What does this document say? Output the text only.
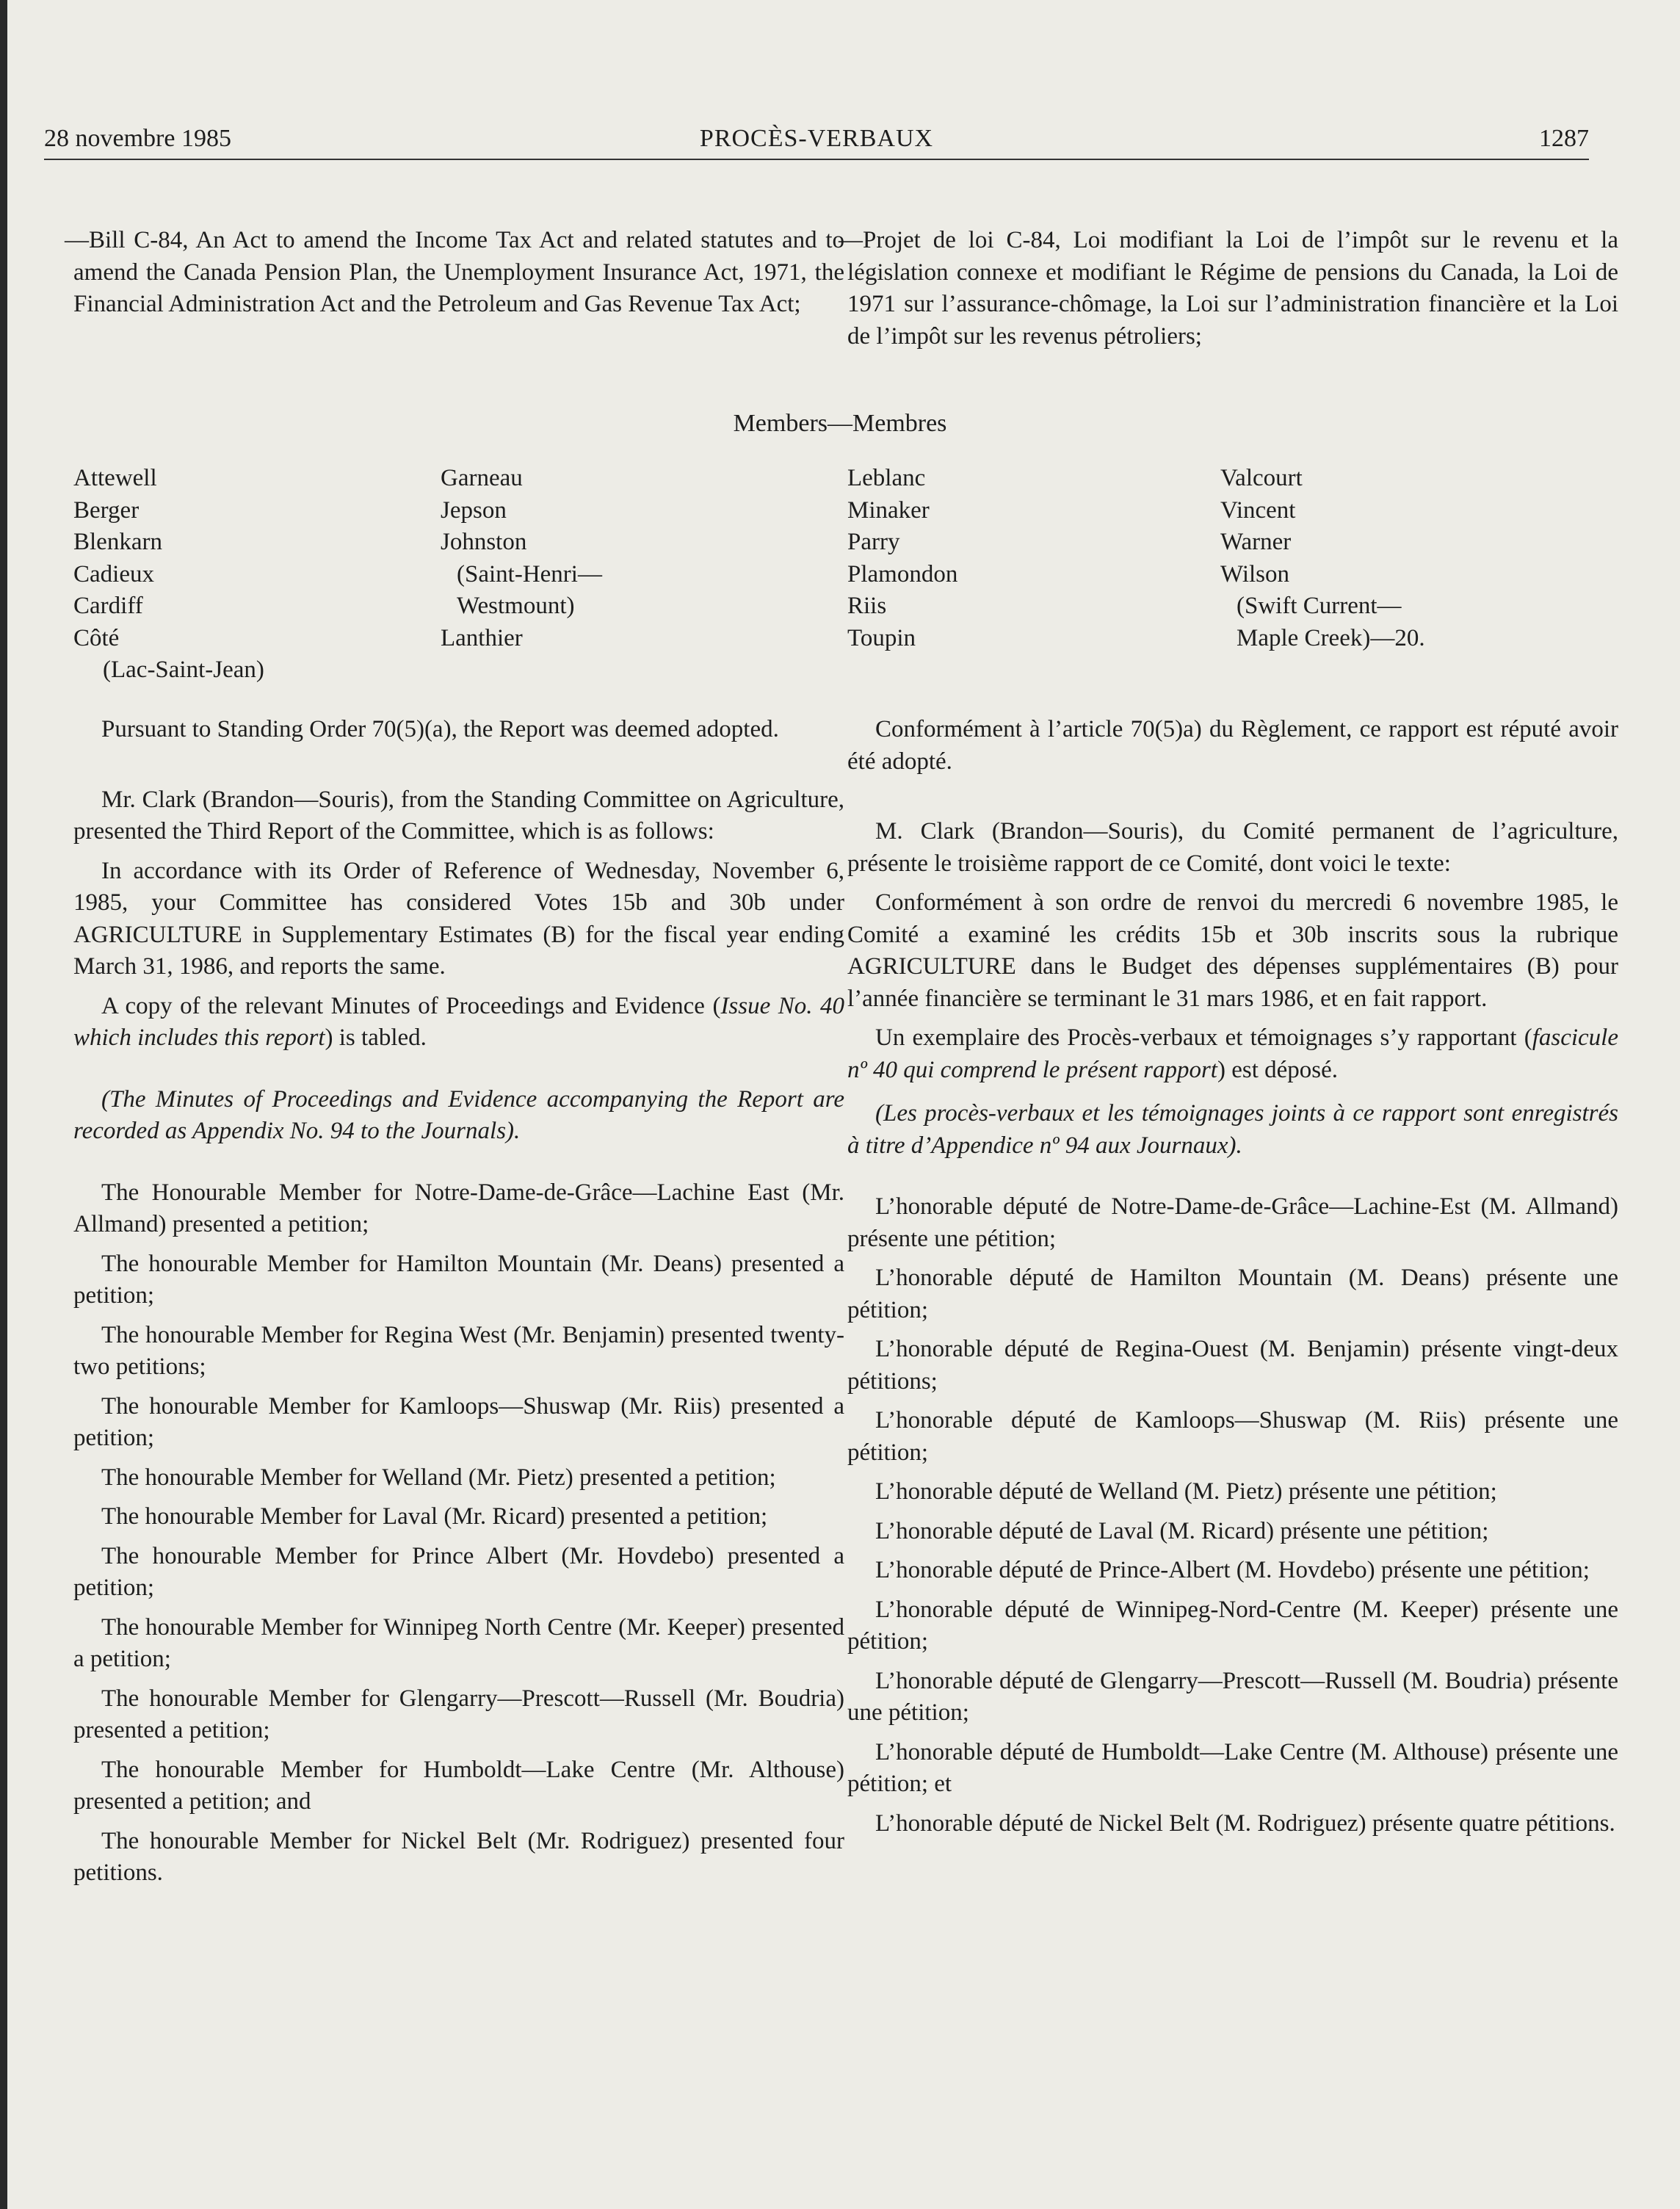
28 novembre 1985	PROCÈS-VERBAUX	1287

—Bill C-84, An Act to amend the Income Tax Act and related statutes and to amend the Canada Pension Plan, the Unemployment Insurance Act, 1971, the Financial Administration Act and the Petroleum and Gas Revenue Tax Act;

—Projet de loi C-84, Loi modifiant la Loi de l’impôt sur le revenu et la législation connexe et modifiant le Régime de pensions du Canada, la Loi de 1971 sur l’assurance-chômage, la Loi sur l’administration financière et la Loi de l’impôt sur les revenus pétroliers;

Members—Membres
Attewell
Berger
Blenkarn
Cadieux
Cardiff
Côté
(Lac-Saint-Jean)
Garneau
Jepson
Johnston
(Saint-Henri—
Westmount)
Lanthier
Leblanc
Minaker
Parry
Plamondon
Riis
Toupin
Valcourt
Vincent
Warner
Wilson
(Swift Current—
Maple Creek)—20.

Pursuant to Standing Order 70(5)(a), the Report was deemed adopted.

Mr. Clark (Brandon—Souris), from the Standing Committee on Agriculture, presented the Third Report of the Committee, which is as follows:

In accordance with its Order of Reference of Wednesday, November 6, 1985, your Committee has considered Votes 15b and 30b under AGRICULTURE in Supplementary Estimates (B) for the fiscal year ending March 31, 1986, and reports the same.

A copy of the relevant Minutes of Proceedings and Evidence (Issue No. 40 which includes this report) is tabled.

(The Minutes of Proceedings and Evidence accompanying the Report are recorded as Appendix No. 94 to the Journals).

The Honourable Member for Notre-Dame-de-Grâce—Lachine East (Mr. Allmand) presented a petition;

The honourable Member for Hamilton Mountain (Mr. Deans) presented a petition;

The honourable Member for Regina West (Mr. Benjamin) presented twenty-two petitions;

The honourable Member for Kamloops—Shuswap (Mr. Riis) presented a petition;

The honourable Member for Welland (Mr. Pietz) presented a petition;

The honourable Member for Laval (Mr. Ricard) presented a petition;

The honourable Member for Prince Albert (Mr. Hovdebo) presented a petition;

The honourable Member for Winnipeg North Centre (Mr. Keeper) presented a petition;

The honourable Member for Glengarry—Prescott—Russell (Mr. Boudria) presented a petition;

The honourable Member for Humboldt—Lake Centre (Mr. Althouse) presented a petition; and

The honourable Member for Nickel Belt (Mr. Rodriguez) presented four petitions.

Conformément à l’article 70(5)a) du Règlement, ce rapport est réputé avoir été adopté.

M. Clark (Brandon—Souris), du Comité permanent de l’agriculture, présente le troisième rapport de ce Comité, dont voici le texte:

Conformément à son ordre de renvoi du mercredi 6 novembre 1985, le Comité a examiné les crédits 15b et 30b inscrits sous la rubrique AGRICULTURE dans le Budget des dépenses supplémentaires (B) pour l’année financière se terminant le 31 mars 1986, et en fait rapport.

Un exemplaire des Procès-verbaux et témoignages s’y rapportant (fascicule nº 40 qui comprend le présent rapport) est déposé.

(Les procès-verbaux et les témoignages joints à ce rapport sont enregistrés à titre d’Appendice nº 94 aux Journaux).

L’honorable député de Notre-Dame-de-Grâce—Lachine-Est (M. Allmand) présente une pétition;

L’honorable député de Hamilton Mountain (M. Deans) présente une pétition;

L’honorable député de Regina-Ouest (M. Benjamin) présente vingt-deux pétitions;

L’honorable député de Kamloops—Shuswap (M. Riis) présente une pétition;

L’honorable député de Welland (M. Pietz) présente une pétition;

L’honorable député de Laval (M. Ricard) présente une pétition;

L’honorable député de Prince-Albert (M. Hovdebo) présente une pétition;

L’honorable député de Winnipeg-Nord-Centre (M. Keeper) présente une pétition;

L’honorable député de Glengarry—Prescott—Russell (M. Boudria) présente une pétition;

L’honorable député de Humboldt—Lake Centre (M. Althouse) présente une pétition; et

L’honorable député de Nickel Belt (M. Rodriguez) présente quatre pétitions.
